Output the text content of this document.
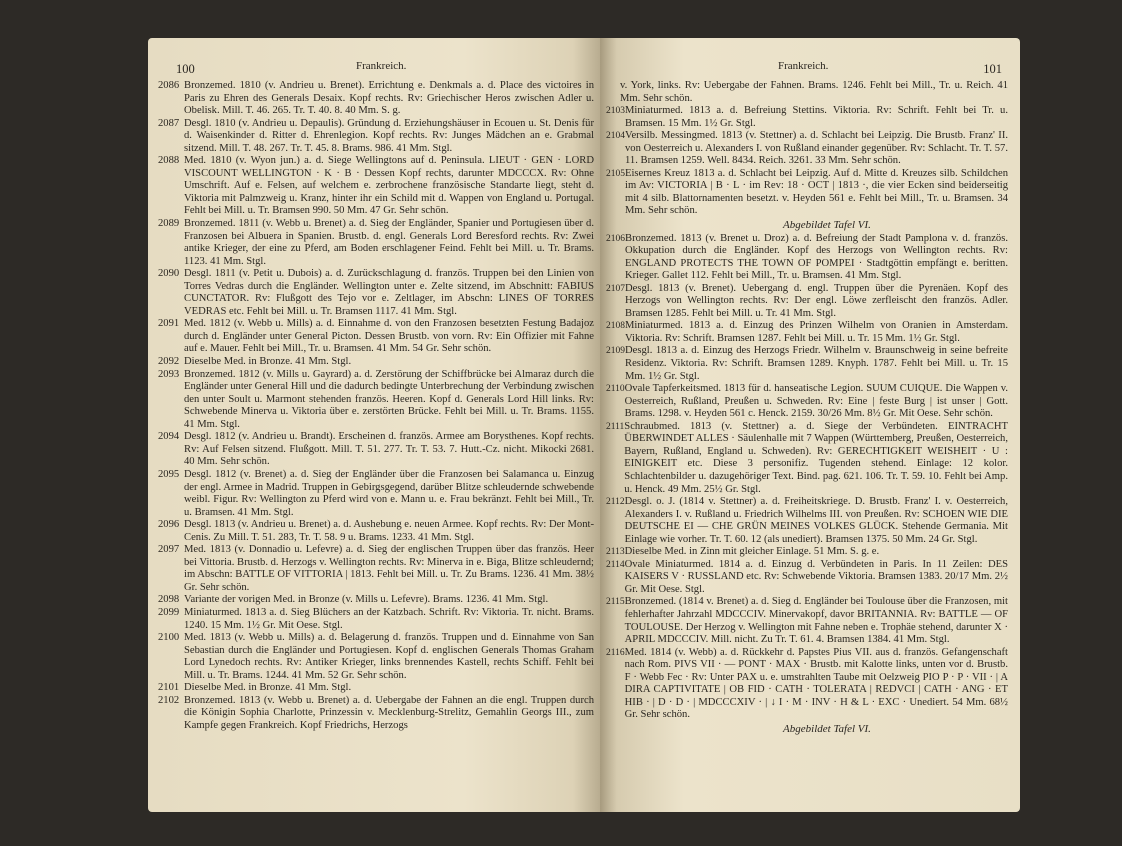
100	Frankreich.
2086 Bronzemed. 1810 (v. Andrieu u. Brenet). Errichtung e. Denkmals a. d. Place des victoires in Paris zu Ehren des Generals Desaix. Kopf rechts. Rv: Griechischer Heros zwischen Adler u. Obelisk. Mill. T. 46. 265. Tr. T. 40. 8. 40 Mm. S. g.
2087 Desgl. 1810 (v. Andrieu u. Depaulis). Gründung d. Erziehungshäuser in Ecouen u. St. Denis für d. Waisenkinder d. Ritter d. Ehrenlegion. Kopf rechts. Rv: Junges Mädchen an e. Grabmal sitzend. Mill. T. 48. 267. Tr. T. 45. 8. Brams. 986. 41 Mm. Stgl.
2088 Med. 1810 (v. Wyon jun.) a. d. Siege Wellingtons auf d. Peninsula. LIEUT · GEN · LORD VISCOUNT WELLINGTON · K · B · Dessen Kopf rechts, darunter MDCCCX. Rv: Ohne Umschrift. Auf e. Felsen, auf welchem e. zerbrochene französische Standarte liegt, steht d. Viktoria mit Palmzweig u. Kranz, hinter ihr ein Schild mit d. Wappen von England u. Portugal. Fehlt bei Mill. u. Tr. Bramsen 990. 50 Mm. 47 Gr. Sehr schön.
2089 Bronzemed. 1811 (v. Webb u. Brenet) a. d. Sieg der Engländer, Spanier und Portugiesen über d. Franzosen bei Albuera in Spanien. Brustb. d. engl. Generals Lord Beresford rechts. Rv: Zwei antike Krieger, der eine zu Pferd, am Boden erschlagener Feind. Fehlt bei Mill. u. Tr. Brams. 1123. 41 Mm. Stgl.
2090 Desgl. 1811 (v. Petit u. Dubois) a. d. Zurückschlagung d. französ. Truppen bei den Linien von Torres Vedras durch die Engländer. Wellington unter e. Zelte sitzend, im Abschnitt: FABIUS CUNCTATOR. Rv: Flußgott des Tejo vor e. Zeltlager, im Abschn: LINES OF TORRES VEDRAS etc. Fehlt bei Mill. u. Tr. Bramsen 1117. 41 Mm. Stgl.
2091 Med. 1812 (v. Webb u. Mills) a. d. Einnahme d. von den Franzosen besetzten Festung Badajoz durch d. Engländer unter General Picton. Dessen Brustb. von vorn. Rv: Ein Offizier mit Fahne auf e. Mauer. Fehlt bei Mill., Tr. u. Bramsen. 41 Mm. 54 Gr. Sehr schön.
2092 Dieselbe Med. in Bronze. 41 Mm. Stgl.
2093 Bronzemed. 1812 (v. Mills u. Gayrard) a. d. Zerstörung der Schiffbrücke bei Almaraz durch die Engländer unter General Hill und die dadurch bedingte Unterbrechung der Verbindung zwischen den unter Soult u. Marmont stehenden französ. Heeren. Kopf d. Generals Lord Hill links. Rv: Schwebende Minerva u. Viktoria über e. zerstörten Brücke. Fehlt bei Mill. u. Tr. Brams. 1155. 41 Mm. Stgl.
2094 Desgl. 1812 (v. Andrieu u. Brandt). Erscheinen d. französ. Armee am Borysthenes. Kopf rechts. Rv: Auf Felsen sitzend. Flußgott. Mill. T. 51. 277. Tr. T. 53. 7. Hutt.-Cz. nicht. Mikocki 2681. 40 Mm. Sehr schön.
2095 Desgl. 1812 (v. Brenet) a. d. Sieg der Engländer über die Franzosen bei Salamanca u. Einzug der engl. Armee in Madrid. Truppen in Gebirgsgegend, darüber Blitze schleudernde schwebende weibl. Figur. Rv: Wellington zu Pferd wird von e. Mann u. e. Frau bekränzt. Fehlt bei Mill., Tr. u. Bramsen. 41 Mm. Stgl.
2096 Desgl. 1813 (v. Andrieu u. Brenet) a. d. Aushebung e. neuen Armee. Kopf rechts. Rv: Der Mont-Cenis. Zu Mill. T. 51. 283, Tr. T. 58. 9 u. Brams. 1233. 41 Mm. Stgl.
2097 Med. 1813 (v. Donnadio u. Lefevre) a. d. Sieg der englischen Truppen über das französ. Heer bei Vittoria. Brustb. d. Herzogs v. Wellington rechts. Rv: Minerva in e. Biga, Blitze schleudernd; im Abschn: BATTLE OF VITTORIA | 1813. Fehlt bei Mill. u. Tr. Zu Brams. 1236. 41 Mm. 38½ Gr. Sehr schön.
2098 Variante der vorigen Med. in Bronze (v. Mills u. Lefevre). Brams. 1236. 41 Mm. Stgl.
2099 Miniaturmed. 1813 a. d. Sieg Blüchers an der Katzbach. Schrift. Rv: Viktoria. Tr. nicht. Brams. 1240. 15 Mm. 1½ Gr. Mit Oese. Stgl.
2100 Med. 1813 (v. Webb u. Mills) a. d. Belagerung d. französ. Truppen und d. Einnahme von San Sebastian durch die Engländer und Portugiesen. Kopf d. englischen Generals Thomas Graham Lord Lynedoch rechts. Rv: Antiker Krieger, links brennendes Kastell, rechts Schiff. Fehlt bei Mill. u. Tr. Brams. 1244. 41 Mm. 52 Gr. Sehr schön.
2101 Dieselbe Med. in Bronze. 41 Mm. Stgl.
2102 Bronzemed. 1813 (v. Webb u. Brenet) a. d. Uebergabe der Fahnen an die engl. Truppen durch die Königin Sophia Charlotte, Prinzessin v. Mecklenburg-Strelitz, Gemahlin Georgs III., zum Kampfe gegen Frankreich. Kopf Friedrichs, Herzogs
Frankreich.	101
v. York, links. Rv: Uebergabe der Fahnen. Brams. 1246. Fehlt bei Mill., Tr. u. Reich. 41 Mm. Sehr schön.
2103 Miniaturmed. 1813 a. d. Befreiung Stettins. Viktoria. Rv: Schrift. Fehlt bei Tr. u. Bramsen. 15 Mm. 1½ Gr. Stgl.
2104 Versilb. Messingmed. 1813 (v. Stettner) a. d. Schlacht bei Leipzig. Die Brustb. Franz' II. von Oesterreich u. Alexanders I. von Rußland einander gegenüber. Rv: Schlacht. Tr. T. 57. 11. Bramsen 1259. Well. 8434. Reich. 3261. 33 Mm. Sehr schön.
2105 Eisernes Kreuz 1813 a. d. Schlacht bei Leipzig. Auf d. Mitte d. Kreuzes silb. Schildchen im Av: VICTORIA | B · L · im Rev: 18 · OCT | 1813 ·, die vier Ecken sind beiderseitig mit 4 silb. Blattornamenten besetzt. v. Heyden 561 e. Fehlt bei Mill., Tr. u. Bramsen. 34 Mm. Sehr schön.
Abgebildet Tafel VI.
2106 Bronzemed. 1813 (v. Brenet u. Droz) a. d. Befreiung der Stadt Pamplona v. d. französ. Okkupation durch die Engländer. Kopf des Herzogs von Wellington rechts. Rv: ENGLAND PROTECTS THE TOWN OF POMPEI · Stadtgöttin empfängt e. beritten. Krieger. Gallet 112. Fehlt bei Mill., Tr. u. Bramsen. 41 Mm. Stgl.
2107 Desgl. 1813 (v. Brenet). Uebergang d. engl. Truppen über die Pyrenäen. Kopf des Herzogs von Wellington rechts. Rv: Der engl. Löwe zerfleischt den französ. Adler. Bramsen 1285. Fehlt bei Mill. u. Tr. 41 Mm. Stgl.
2108 Miniaturmed. 1813 a. d. Einzug des Prinzen Wilhelm von Oranien in Amsterdam. Viktoria. Rv: Schrift. Bramsen 1287. Fehlt bei Mill. u. Tr. 15 Mm. 1½ Gr. Stgl.
2109 Desgl. 1813 a. d. Einzug des Herzogs Friedr. Wilhelm v. Braunschweig in seine befreite Residenz. Viktoria. Rv: Schrift. Bramsen 1289. Knyph. 1787. Fehlt bei Mill. u. Tr. 15 Mm. 1½ Gr. Stgl.
2110 Ovale Tapferkeitsmed. 1813 für d. hanseatische Legion. SUUM CUIQUE. Die Wappen v. Oesterreich, Rußland, Preußen u. Schweden. Rv: Eine | feste Burg | ist unser | Gott. Brams. 1298. v. Heyden 561 c. Henck. 2159. 30/26 Mm. 8½ Gr. Mit Oese. Sehr schön.
2111 Schraubmed. 1813 (v. Stettner) a. d. Siege der Verbündeten. EINTRACHT ÜBERWINDET ALLES · Säulenhalle mit 7 Wappen (Württemberg, Preußen, Oesterreich, Bayern, Rußland, England u. Schweden). Rv: GERECHTIGKEIT WEISHEIT · U : EINIGKEIT etc. Diese 3 personifiz. Tugenden stehend. Einlage: 12 kolor. Schlachtenbilder u. dazugehöriger Text. Bind. pag. 621. 106. Tr. T. 59. 10. Fehlt bei Amp. u. Henck. 49 Mm. 25½ Gr. Stgl.
2112 Desgl. o. J. (1814 v. Stettner) a. d. Freiheitskriege. D. Brustb. Franz' I. v. Oesterreich, Alexanders I. v. Rußland u. Friedrich Wilhelms III. von Preußen. Rv: SCHOEN WIE DIE DEUTSCHE EI — CHE GRÜN MEINES VOLKES GLÜCK. Stehende Germania. Mit Einlage wie vorher. Tr. T. 60. 12 (als unediert). Bramsen 1375. 50 Mm. 24 Gr. Stgl.
2113 Dieselbe Med. in Zinn mit gleicher Einlage. 51 Mm. S. g. e.
2114 Ovale Miniaturmed. 1814 a. d. Einzug d. Verbündeten in Paris. In 11 Zeilen: DES KAISERS V · RUSSLAND etc. Rv: Schwebende Viktoria. Bramsen 1383. 20/17 Mm. 2½ Gr. Mit Oese. Stgl.
2115 Bronzemed. (1814 v. Brenet) a. d. Sieg d. Engländer bei Toulouse über die Franzosen, mit fehlerhafter Jahrzahl MDCCCIV. Minervakopf, davor BRITANNIA. Rv: BATTLE — OF TOULOUSE. Der Herzog v. Wellington mit Fahne neben e. Trophäe stehend, darunter X · APRIL MDCCCIV. Mill. nicht. Zu Tr. T. 61. 4. Bramsen 1384. 41 Mm. Stgl.
2116 Med. 1814 (v. Webb) a. d. Rückkehr d. Papstes Pius VII. aus d. französ. Gefangenschaft nach Rom. PIVS VII · — PONT · MAX · Brustb. mit Kalotte links, unten vor d. Brustb. F · Webb Fec · Rv: Unter PAX u. e. umstrahlten Taube mit Oelzweig PIO P · P · VII · | A DIRA CAPTIVITATE | OB FID · CATH · TOLERATA | REDVCI | CATH · ANG · ET HIB · | D · D · | MDCCCXIV · | ↓ I · M · INV · H & L · EXC · Unediert. 54 Mm. 68½ Gr. Sehr schön.
Abgebildet Tafel VI.
